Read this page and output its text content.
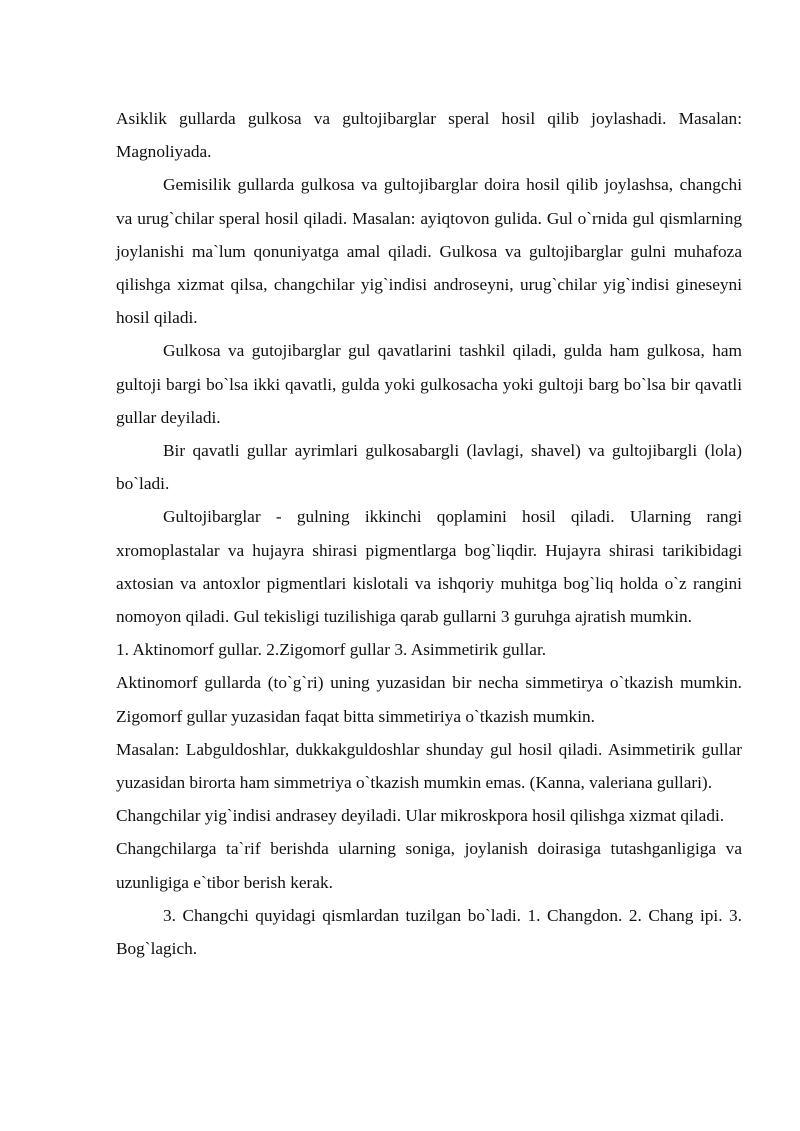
Asiklik gullarda gulkosa va gultojibarglar speral hosil qilib joylashadi. Masalan: Magnoliyada.

Gemisilik gullarda gulkosa va gultojibarglar doira hosil qilib joylashsa, changchi va urug`chilar speral hosil qiladi. Masalan: ayiqtovon gulida. Gul o`rnida gul qismlarning joylanishi ma`lum qonuniyatga amal qiladi. Gulkosa va gultojibarglar gulni muhafoza qilishga xizmat qilsa, changchilar yig`indisi androseyni, urug`chilar yig`indisi gineseyni hosil qiladi.

Gulkosa va gutojibarglar gul qavatlarini tashkil qiladi, gulda ham gulkosa, ham gultoji bargi bo`lsa ikki qavatli, gulda yoki gulkosacha yoki gultoji barg bo`lsa bir qavatli gullar deyiladi.

Bir qavatli gullar ayrimlari gulkosabargli (lavlagi, shavel) va gultojibargli (lola) bo`ladi.

Gultojibarglar - gulning ikkinchi qoplamini hosil qiladi. Ularning rangi xromoplastalar va hujayra shirasi pigmentlarga bog`liqdir. Hujayra shirasi tarikibidagi axtosian va antoxlor pigmentlari kislotali va ishqoriy muhitga bog`liq holda o`z rangini nomoyon qiladi. Gul tekisligi tuzilishiga qarab gullarni 3 guruhga ajratish mumkin.

1. Aktinomorf gullar. 2.Zigomorf gullar 3. Asimmetirik gullar.

Aktinomorf gullarda (to`g`ri) uning yuzasidan bir necha simmetirya o`tkazish mumkin. Zigomorf gullar yuzasidan faqat bitta simmetiriya o`tkazish mumkin.

Masalan: Labguldoshlar, dukkakguldoshlar shunday gul hosil qiladi. Asimmetirik gullar yuzasidan birorta ham simmetriya o`tkazish mumkin emas. (Kanna, valeriana gullari).

Changchilar yig`indisi andrasey deyiladi. Ular mikroskpora hosil qilishga xizmat qiladi.

Changchilarga ta`rif berishda ularning soniga, joylanish doirasiga tutashganligiga va uzunligiga e`tibor berish kerak.

3. Changchi quyidagi qismlardan tuzilgan bo`ladi. 1. Changdon. 2. Chang ipi. 3. Bog`lagich.
